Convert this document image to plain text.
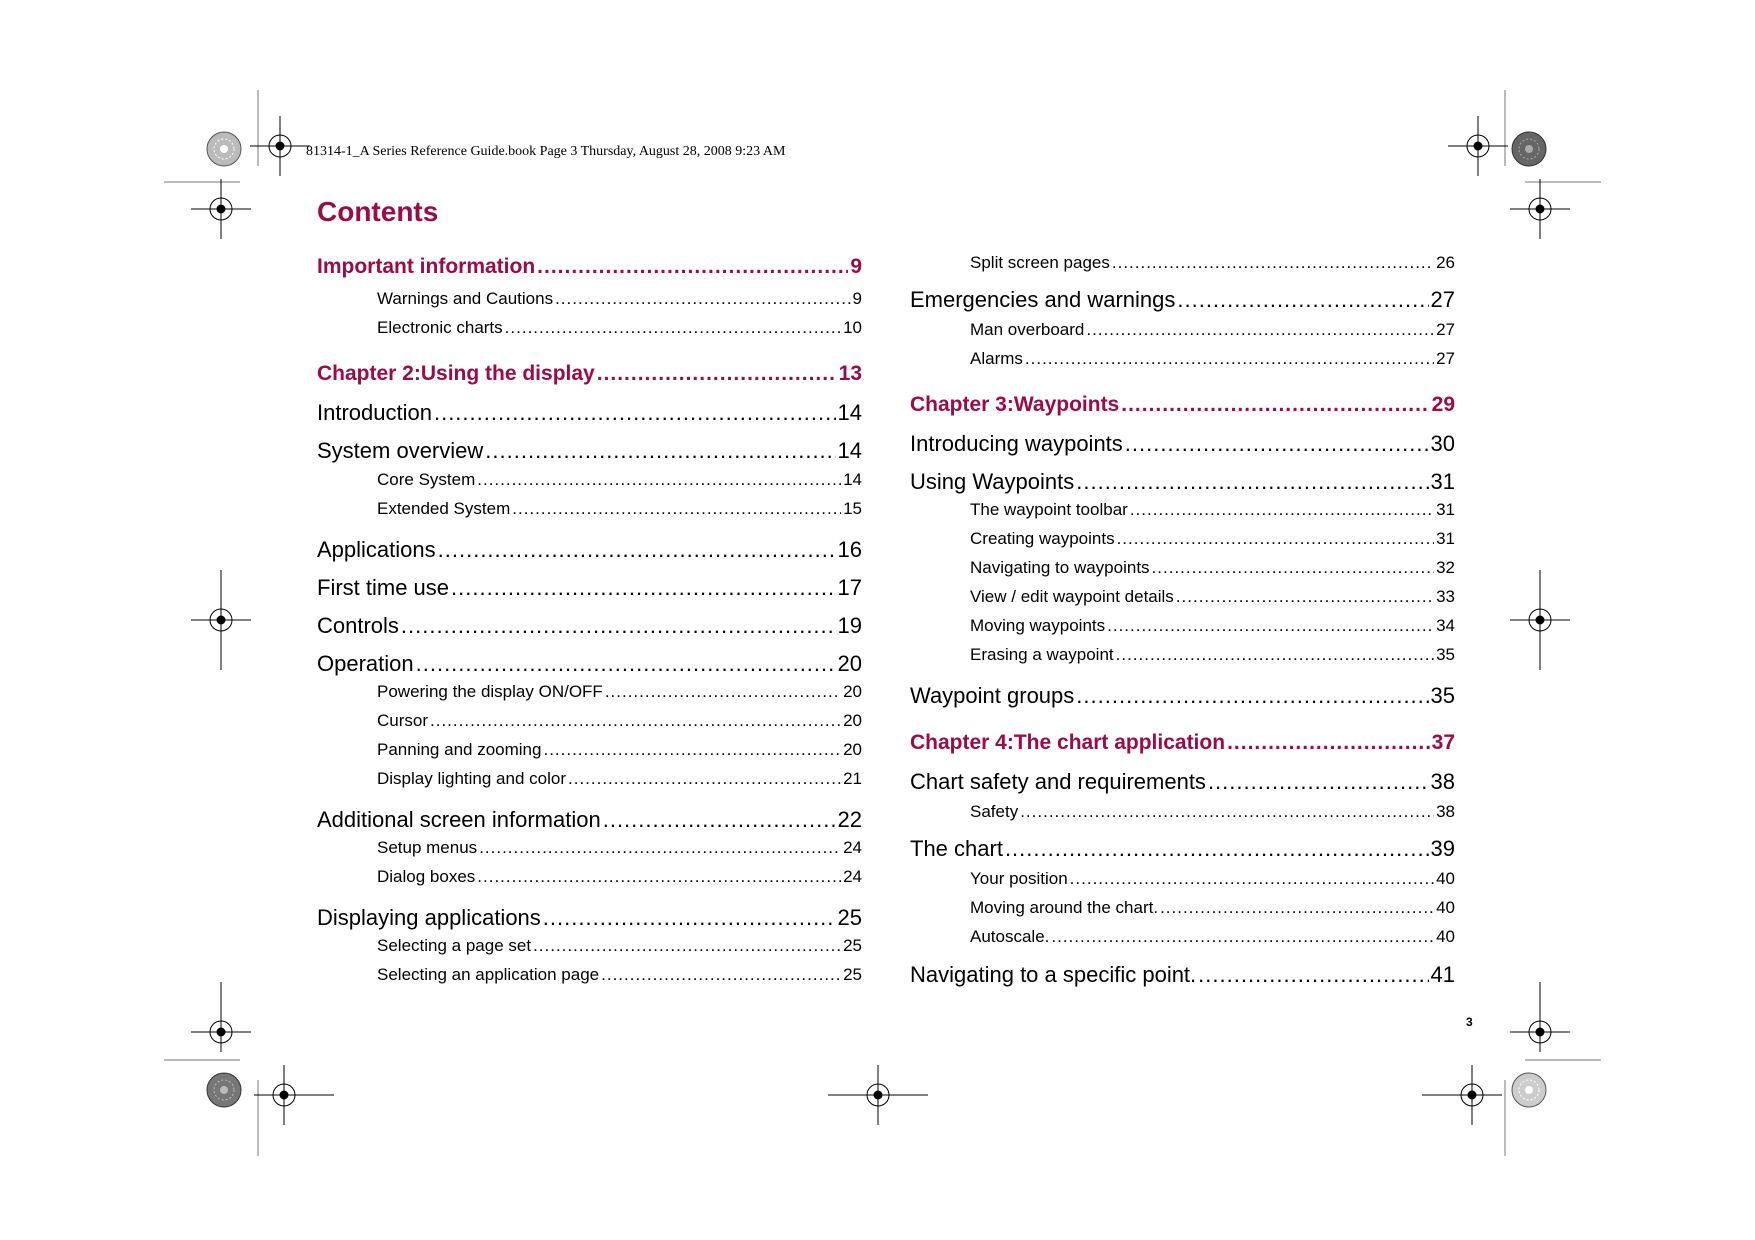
81314-1_A Series Reference Guide.book Page 3 Thursday, August 28, 2008 9:23 AM
Contents
Important information .....	9
Warnings and Cautions .....	9
Electronic charts .....	10
Chapter 2:Using the display .....	13
Introduction .....	14
System overview .....	14
Core System .....	14
Extended System .....	15
Applications .....	16
First time use .....	17
Controls .....	19
Operation .....	20
Powering the display ON/OFF .....	20
Cursor .....	20
Panning and zooming .....	20
Display lighting and color .....	21
Additional screen information .....	22
Setup menus .....	24
Dialog boxes .....	24
Displaying applications .....	25
Selecting a page set .....	25
Selecting an application page .....	25
Split screen pages .....	26
Emergencies and warnings .....	27
Man overboard .....	27
Alarms .....	27
Chapter 3:Waypoints .....	29
Introducing waypoints .....	30
Using Waypoints .....	31
The waypoint toolbar .....	31
Creating waypoints .....	31
Navigating to waypoints .....	32
View / edit waypoint details .....	33
Moving waypoints .....	34
Erasing a waypoint .....	35
Waypoint groups .....	35
Chapter 4:The chart application .....	37
Chart safety and requirements .....	38
Safety .....	38
The chart .....	39
Your position .....	40
Moving around the chart. .....	40
Autoscale. .....	40
Navigating to a specific point. .....	41
3
